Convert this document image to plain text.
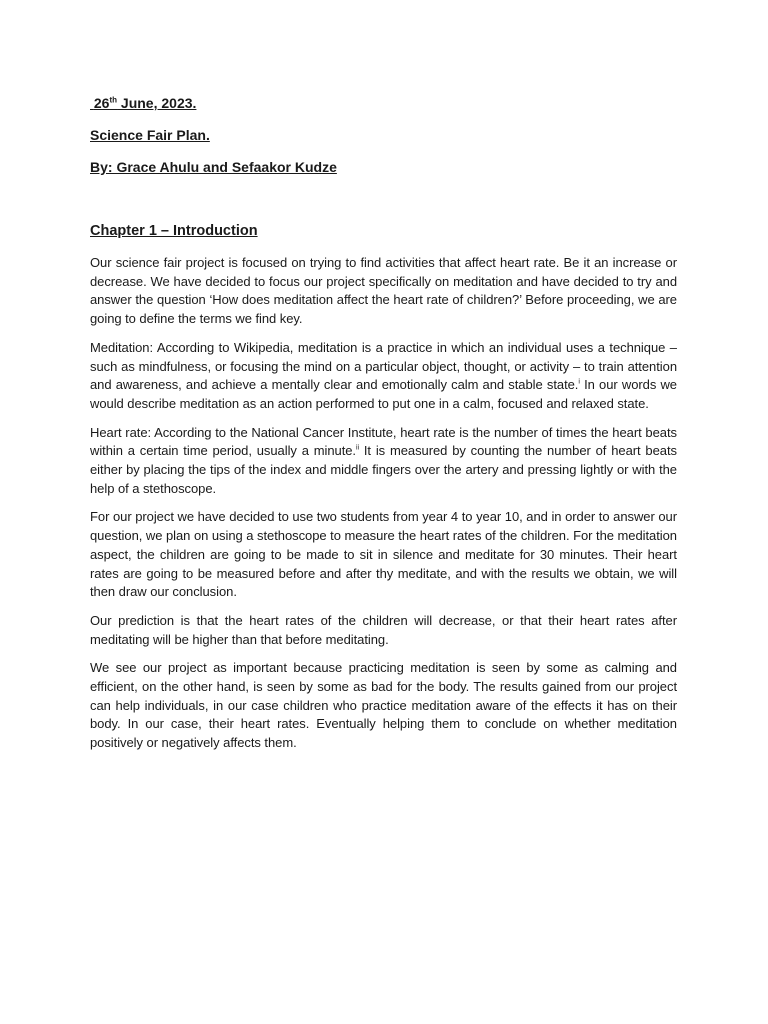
26th June, 2023.

Science Fair Plan.

By: Grace Ahulu and Sefaakor Kudze

Chapter 1 – Introduction

Our science fair project is focused on trying to find activities that affect heart rate. Be it an increase or decrease. We have decided to focus our project specifically on meditation and have decided to try and answer the question ‘How does meditation affect the heart rate of children?’ Before proceeding, we are going to define the terms we find key.

Meditation: According to Wikipedia, meditation is a practice in which an individual uses a technique – such as mindfulness, or focusing the mind on a particular object, thought, or activity – to train attention and awareness, and achieve a mentally clear and emotionally calm and stable state.$^i$ In our words we would describe meditation as an action performed to put one in a calm, focused and relaxed state.

Heart rate: According to the National Cancer Institute, heart rate is the number of times the heart beats within a certain time period, usually a minute.$^{ii}$ It is measured by counting the number of heart beats either by placing the tips of the index and middle fingers over the artery and pressing lightly or with the help of a stethoscope.

For our project we have decided to use two students from year 4 to year 10, and in order to answer our question, we plan on using a stethoscope to measure the heart rates of the children. For the meditation aspect, the children are going to be made to sit in silence and meditate for 30 minutes. Their heart rates are going to be measured before and after thy meditate, and with the results we obtain, we will then draw our conclusion.

Our prediction is that the heart rates of the children will decrease, or that their heart rates after meditating will be higher than that before meditating.

We see our project as important because practicing meditation is seen by some as calming and efficient, on the other hand, is seen by some as bad for the body. The results gained from our project can help individuals, in our case children who practice meditation aware of the effects it has on their body. In our case, their heart rates. Eventually helping them to conclude on whether meditation positively or negatively affects them.
